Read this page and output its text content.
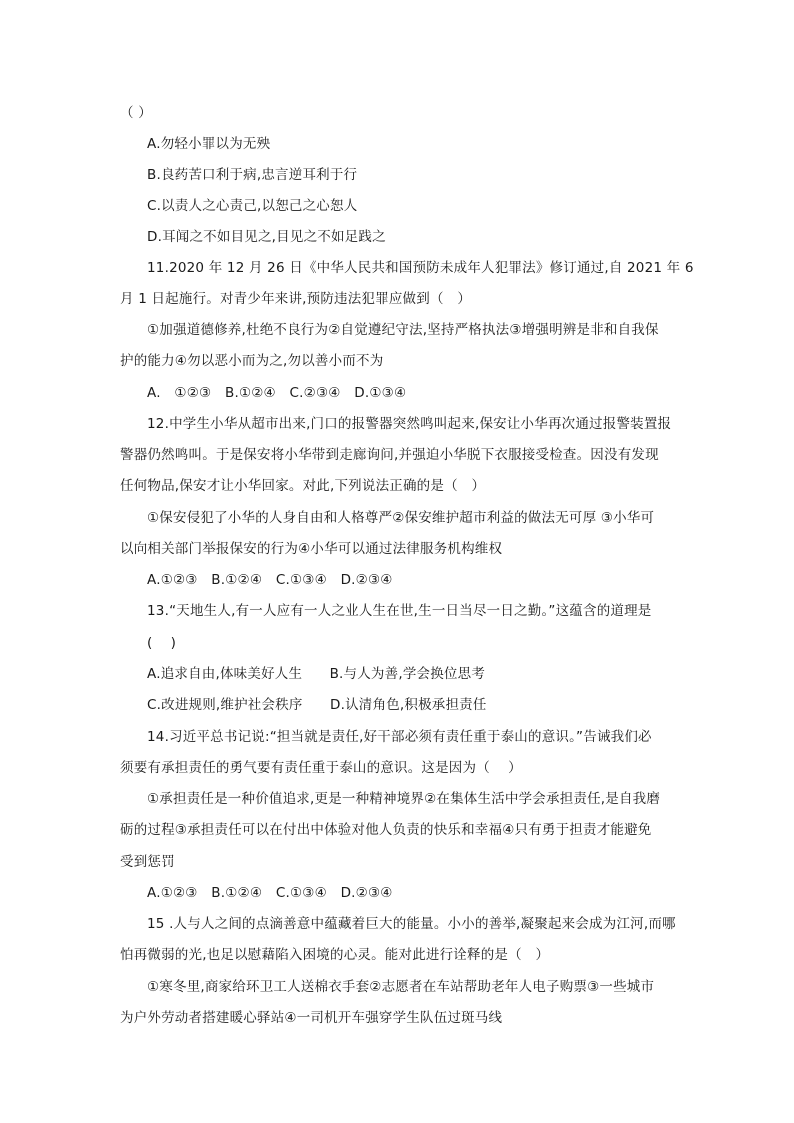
（ ）
A.勿轻小罪以为无殃
B.良药苦口利于病,忠言逆耳利于行
C.以责人之心责己,以恕己之心恕人
D.耳闻之不如目见之,目见之不如足践之
11.2020 年 12 月 26 日《中华人民共和国预防未成年人犯罪法》修订通过,自 2021 年 6
月 1 日起施行。对青少年来讲,预防违法犯罪应做到（　）
①加强道德修养,杜绝不良行为②自觉遵纪守法,坚持严格执法③增强明辨是非和自我保
护的能力④勿以恶小而为之,勿以善小而不为
A.　①②③　B.①②④　C.②③④　D.①③④
12.中学生小华从超市出来,门口的报警器突然鸣叫起来,保安让小华再次通过报警装置报
警器仍然鸣叫。于是保安将小华带到走廊询问,并强迫小华脱下衣服接受检查。因没有发现
任何物品,保安才让小华回家。对此,下列说法正确的是（　）
①保安侵犯了小华的人身自由和人格尊严②保安维护超市利益的做法无可厚 ③小华可
以向相关部门举报保安的行为④小华可以通过法律服务机构维权
A.①②③　B.①②④　C.①③④　D.②③④
13.“天地生人,有一人应有一人之业人生在世,生一日当尽一日之勤。”这蕴含的道理是
(　 )
A.追求自由,体味美好人生　　B.与人为善,学会换位思考
C.改进规则,维护社会秩序　　D.认清角色,积极承担责任
14.习近平总书记说:“担当就是责任,好干部必须有责任重于泰山的意识。”告诫我们必
须要有承担责任的勇气要有责任重于泰山的意识。这是因为（　 ）
①承担责任是一种价值追求,更是一种精神境界②在集体生活中学会承担责任,是自我磨
砺的过程③承担责任可以在付出中体验对他人负责的快乐和幸福④只有勇于担责才能避免
受到惩罚
A.①②③　B.①②④　C.①③④　D.②③④
15 .人与人之间的点滴善意中蕴藏着巨大的能量。小小的善举,凝聚起来会成为江河,而哪
怕再微弱的光,也足以慰藉陷入困境的心灵。能对此进行诠释的是（　）
①寒冬里,商家给环卫工人送棉衣手套②志愿者在车站帮助老年人电子购票③一些城市
为户外劳动者搭建暖心驿站④一司机开车强穿学生队伍过斑马线
